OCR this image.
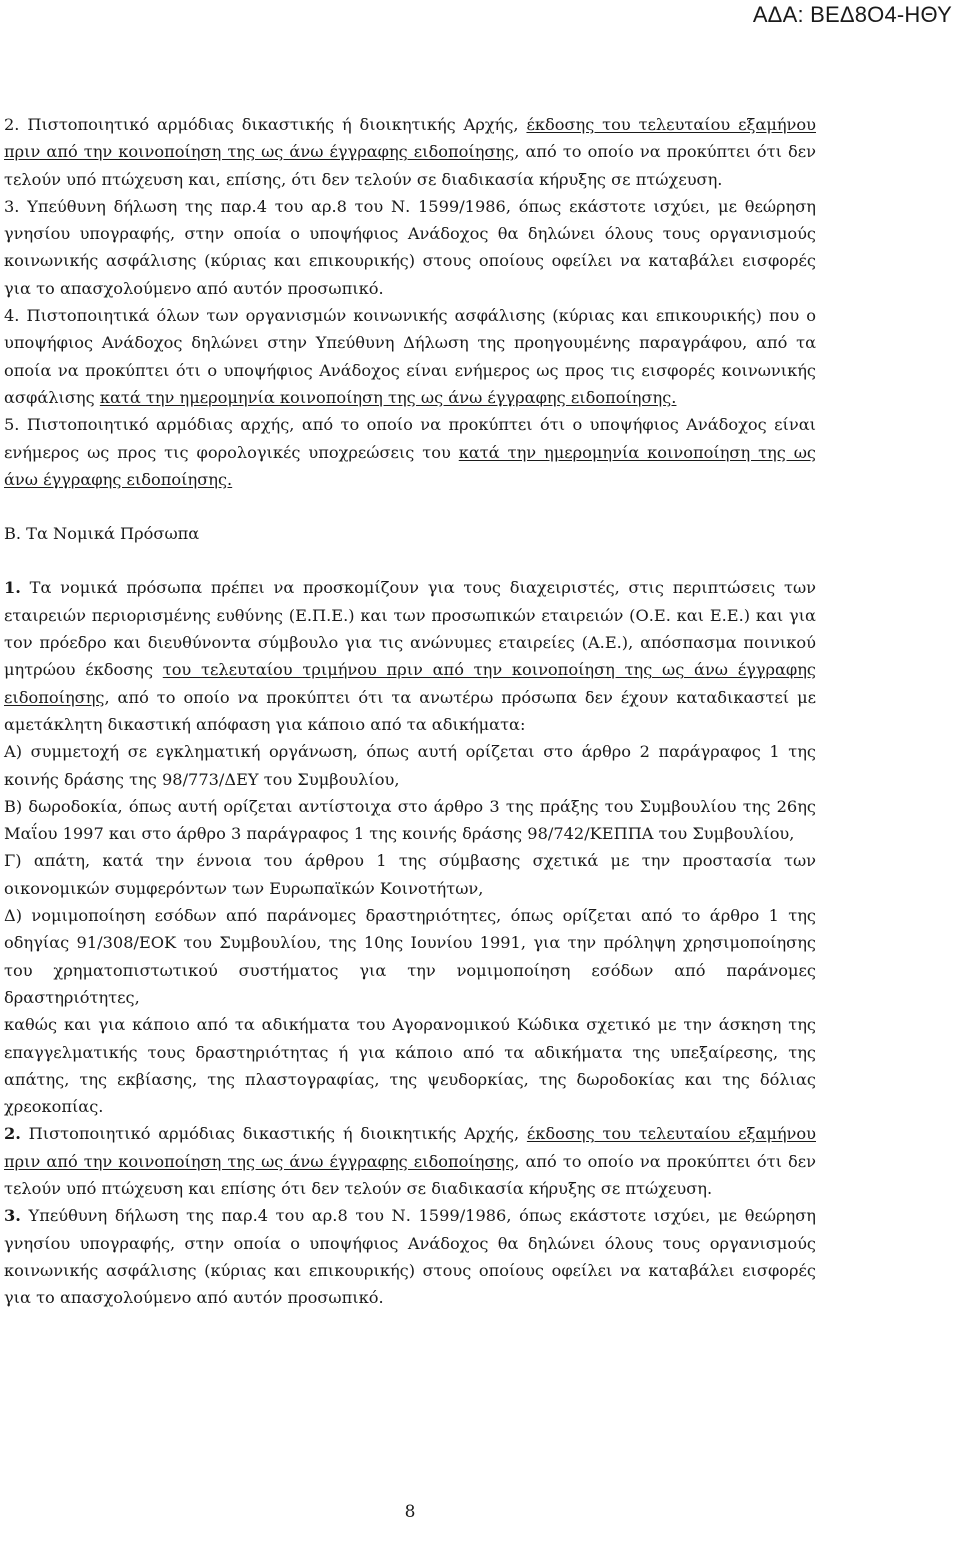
ΑΔΑ: ΒΕΔ8Ο4-ΗΘΥ

2. Πιστοποιητικό αρμόδιας δικαστικής ή διοικητικής Αρχής, έκδοσης του τελευταίου εξαμήνου πριν από την κοινοποίηση της ως άνω έγγραφης ειδοποίησης, από το οποίο να προκύπτει ότι δεν τελούν υπό πτώχευση και, επίσης, ότι δεν τελούν σε διαδικασία κήρυξης σε πτώχευση.

3. Υπεύθυνη δήλωση της παρ.4 του αρ.8 του Ν. 1599/1986, όπως εκάστοτε ισχύει, με θεώρηση γνησίου υπογραφής, στην οποία ο υποψήφιος Ανάδοχος θα δηλώνει όλους τους οργανισμούς κοινωνικής ασφάλισης (κύριας και επικουρικής) στους οποίους οφείλει να καταβάλει εισφορές για το απασχολούμενο από αυτόν προσωπικό.

4. Πιστοποιητικά όλων των οργανισμών κοινωνικής ασφάλισης (κύριας και επικουρικής) που ο υποψήφιος Ανάδοχος δηλώνει στην Υπεύθυνη Δήλωση της προηγουμένης παραγράφου, από τα οποία να προκύπτει ότι ο υποψήφιος Ανάδοχος είναι ενήμερος ως προς τις εισφορές κοινωνικής ασφάλισης κατά την ημερομηνία κοινοποίηση της ως άνω έγγραφης ειδοποίησης.

5. Πιστοποιητικό αρμόδιας αρχής, από το οποίο να προκύπτει ότι ο υποψήφιος Ανάδοχος είναι ενήμερος ως προς τις φορολογικές υποχρεώσεις του κατά την ημερομηνία κοινοποίηση της ως άνω έγγραφης ειδοποίησης.

Β. Τα Νομικά Πρόσωπα

1. Τα νομικά πρόσωπα πρέπει να προσκομίζουν για τους διαχειριστές, στις περιπτώσεις των εταιρειών περιορισμένης ευθύνης (Ε.Π.Ε.) και των προσωπικών εταιρειών (Ο.Ε. και Ε.Ε.) και για τον πρόεδρο και διευθύνοντα σύμβουλο για τις ανώνυμες εταιρείες (Α.Ε.), απόσπασμα ποινικού μητρώου έκδοσης του τελευταίου τριμήνου πριν από την κοινοποίηση της ως άνω έγγραφης ειδοποίησης, από το οποίο να προκύπτει ότι τα ανωτέρω πρόσωπα δεν έχουν καταδικαστεί με αμετάκλητη δικαστική απόφαση για κάποιο από τα αδικήματα:

Α) συμμετοχή σε εγκληματική οργάνωση, όπως αυτή ορίζεται στο άρθρο 2 παράγραφος 1 της κοινής δράσης της 98/773/ΔΕΥ του Συμβουλίου,

Β) δωροδοκία, όπως αυτή ορίζεται αντίστοιχα στο άρθρο 3 της πράξης του Συμβουλίου της 26ης Μαΐου 1997 και στο άρθρο 3 παράγραφος 1 της κοινής δράσης 98/742/ΚΕΠΠΑ του Συμβουλίου,

Γ) απάτη, κατά την έννοια του άρθρου 1 της σύμβασης σχετικά με την προστασία των οικονομικών συμφερόντων των Ευρωπαϊκών Κοινοτήτων,

Δ) νομιμοποίηση εσόδων από παράνομες δραστηριότητες, όπως ορίζεται από το άρθρο 1 της οδηγίας 91/308/ΕΟΚ του Συμβουλίου, της 10ης Ιουνίου 1991, για την πρόληψη χρησιμοποίησης του χρηματοπιστωτικού συστήματος για την νομιμοποίηση εσόδων από παράνομες δραστηριότητες,

καθώς και για κάποιο από τα αδικήματα του Αγορανομικού Κώδικα σχετικό με την άσκηση της επαγγελματικής τους δραστηριότητας ή για κάποιο από τα αδικήματα της υπεξαίρεσης, της απάτης, της εκβίασης, της πλαστογραφίας, της ψευδορκίας, της δωροδοκίας και της δόλιας χρεοκοπίας.

2. Πιστοποιητικό αρμόδιας δικαστικής ή διοικητικής Αρχής, έκδοσης του τελευταίου εξαμήνου πριν από την κοινοποίηση της ως άνω έγγραφης ειδοποίησης, από το οποίο να προκύπτει ότι δεν τελούν υπό πτώχευση και επίσης ότι δεν τελούν σε διαδικασία κήρυξης σε πτώχευση.

3. Υπεύθυνη δήλωση της παρ.4 του αρ.8 του Ν. 1599/1986, όπως εκάστοτε ισχύει, με θεώρηση γνησίου υπογραφής, στην οποία ο υποψήφιος Ανάδοχος θα δηλώνει όλους τους οργανισμούς κοινωνικής ασφάλισης (κύριας και επικουρικής) στους οποίους οφείλει να καταβάλει εισφορές για το απασχολούμενο από αυτόν προσωπικό.

8
